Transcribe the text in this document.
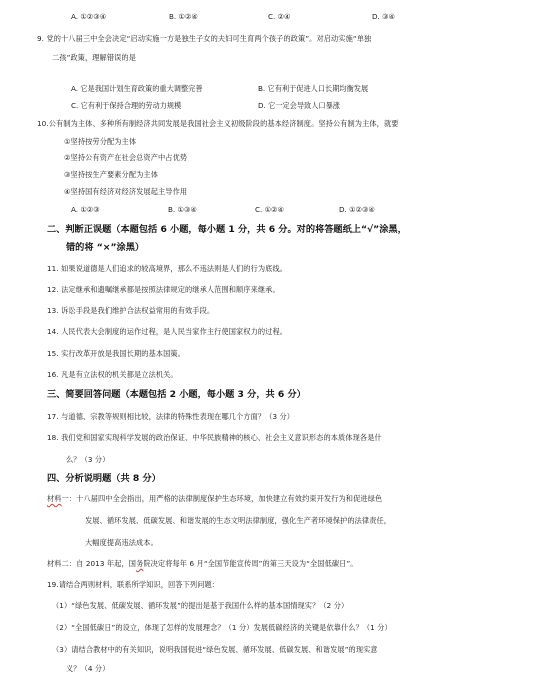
A. ①②③④	B. ①②④	C. ②④	D. ③④
9. 党的十八届三中全会决定“启动实施一方是独生子女的夫妇可生育两个孩子的政策”。对启动实施“单独
二孩”政策，理解错误的是
A. 它是我国计划生育政策的重大调整完善	B. 它有利于促进人口长期均衡发展
C. 它有利于保持合理的劳动力规模	D. 它一定会导致人口暴涨
10.公有制为主体、多种所有制经济共同发展是我国社会主义初级阶段的基本经济制度。坚持公有制为主体，就要
①坚持按劳分配为主体
②坚持公有资产在社会总资产中占优势
③坚持按生产要素分配为主体
④坚持国有经济对经济发展起主导作用
A. ①②③	B. ①③④	C. ①②④	D. ①②③④
二、判断正误题（本题包括 6 小题，每小题 1 分，共 6 分。对的将答题纸上“√”涂黑，
错的将 “×”涂黑）
11. 如果说道德是人们追求的较高境界，那么不违法则是人们的行为底线。
12. 法定继承和遗嘱继承都是按照法律规定的继承人范围和顺序来继承。
13. 诉讼手段是我们维护合法权益常用的有效手段。
14. 人民代表大会制度的运作过程，是人民当家作主行使国家权力的过程。
15. 实行改革开放是我国长期的基本国策。
16. 凡是有立法权的机关都是立法机关。
三、简要回答问题（本题包括 2 小题，每小题 3 分，共 6 分）
17. 与道德、宗教等规则相比较，法律的特殊性表现在哪几个方面？（3 分）
18. 我们党和国家实现科学发展的政治保证、中华民族精神的核心、社会主义意识形态的本质体现各是什
么？（3 分）
四、分析说明题（共 8 分）
材料一：十八届四中全会指出，用严格的法律制度保护生态环境，加快建立有效约束开发行为和促进绿色
发展、循环发展、低碳发展、和谐发展的生态文明法律制度，强化生产者环境保护的法律责任，
大幅度提高违法成本。
材料二：自 2013 年起，国务院决定将每年 6 月“全国节能宣传周”的第三天设为“全国低碳日”。
19.请结合两则材料，联系所学知识，回答下列问题：
（1）“绿色发展、低碳发展、循环发展”的提出是基于我国什么样的基本国情现实？（2 分）
（2）“全国低碳日”的设立，体现了怎样的发展理念？（1 分）发展低碳经济的关键是依靠什么？（1 分）
（3）请结合教材中的有关知识，说明我国促进“绿色发展、循环发展、低碳发展、和谐发展”的现实意
义？（4 分）
